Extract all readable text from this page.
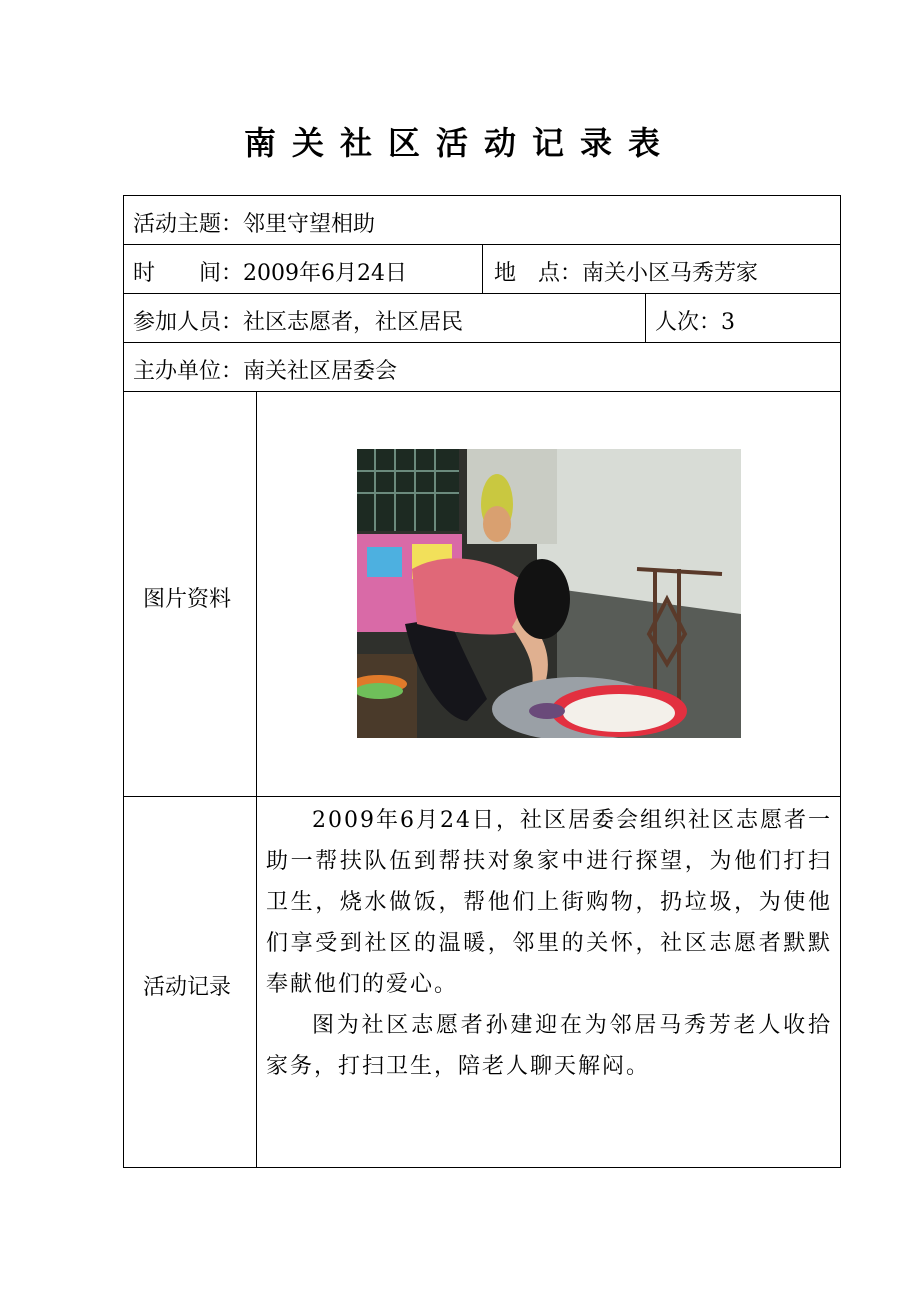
南关社区活动记录表
活动主题：邻里守望相助
时　　间：2009年6月24日	地　点：南关小区马秀芳家
参加人员：社区志愿者，社区居民	人次：3
主办单位：南关社区居委会
图片资料
活动记录

2009年6月24日，社区居委会组织社区志愿者一助一帮扶队伍到帮扶对象家中进行探望，为他们打扫卫生，烧水做饭，帮他们上街购物，扔垃圾，为使他们享受到社区的温暖，邻里的关怀，社区志愿者默默奉献他们的爱心。

图为社区志愿者孙建迎在为邻居马秀芳老人收拾家务，打扫卫生，陪老人聊天解闷。
